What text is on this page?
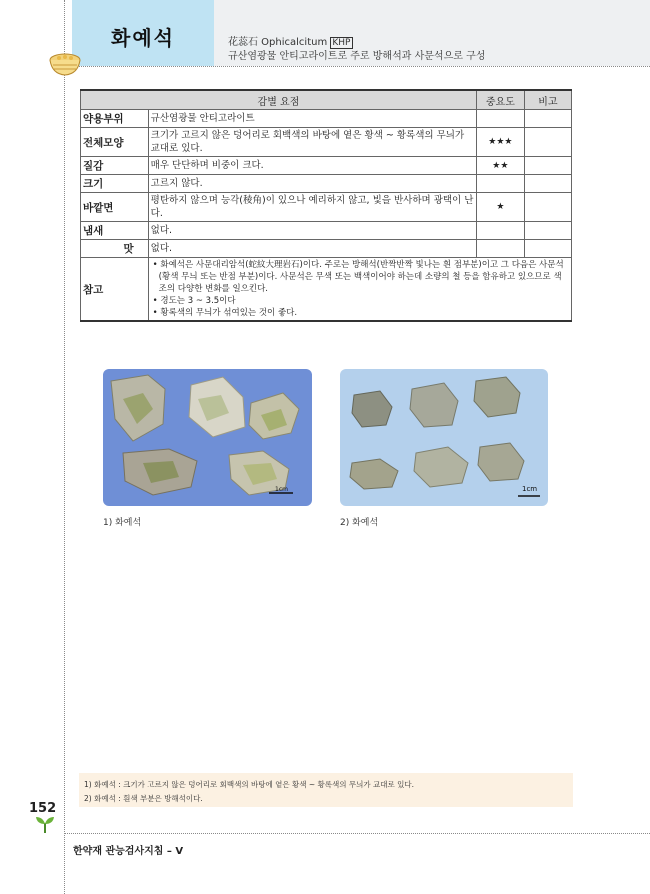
화예석	花蕊石 Ophicalcitum KHP
규산염광물 안티고라이트로 주로 방해석과 사문석으로 구성
감별 요점		중요도	비고
약용부위	규산염광물 안티고라이트		
전체모양	크기가 고르지 않은 덩어리로 회백색의 바탕에 옅은 황색 ~ 황록색의 무늬가 교대로 있다.	★★★	
질감	매우 단단하며 비중이 크다.	★★	
크기	고르지 않다.		
바깥면	평탄하지 않으며 능각(稜角)이 있으나 예리하지 않고, 빛을 반사하며 광택이 난다.	★	
냄새	없다.		
맛	없다.		
참고	• 화예석은 사문대리암석(蛇紋大理岩石)이다. 주로는 방해석(반짝반짝 빛나는 흰 점부분)이고 그 다음은 사문석(황색 무늬 또는 반점 부분)이다. 사문석은 무색 또는 백색이어야 하는데 소량의 철 등을 함유하고 있으므로 색조의 다양한 변화를 일으킨다.
• 경도는 3 ~ 3.5이다
• 황록색의 무늬가 섞여있는 것이 좋다.		
1cm
1) 화예석
1cm
2) 화예석
1) 화예석 : 크기가 고르지 않은 덩어리로 회백색의 바탕에 옅은 황색 ~ 황록색의 무늬가 교대로 있다.
2) 화예석 : 흰색 부분은 방해석이다.
152
한약재 관능검사지침 – Ⅴ
